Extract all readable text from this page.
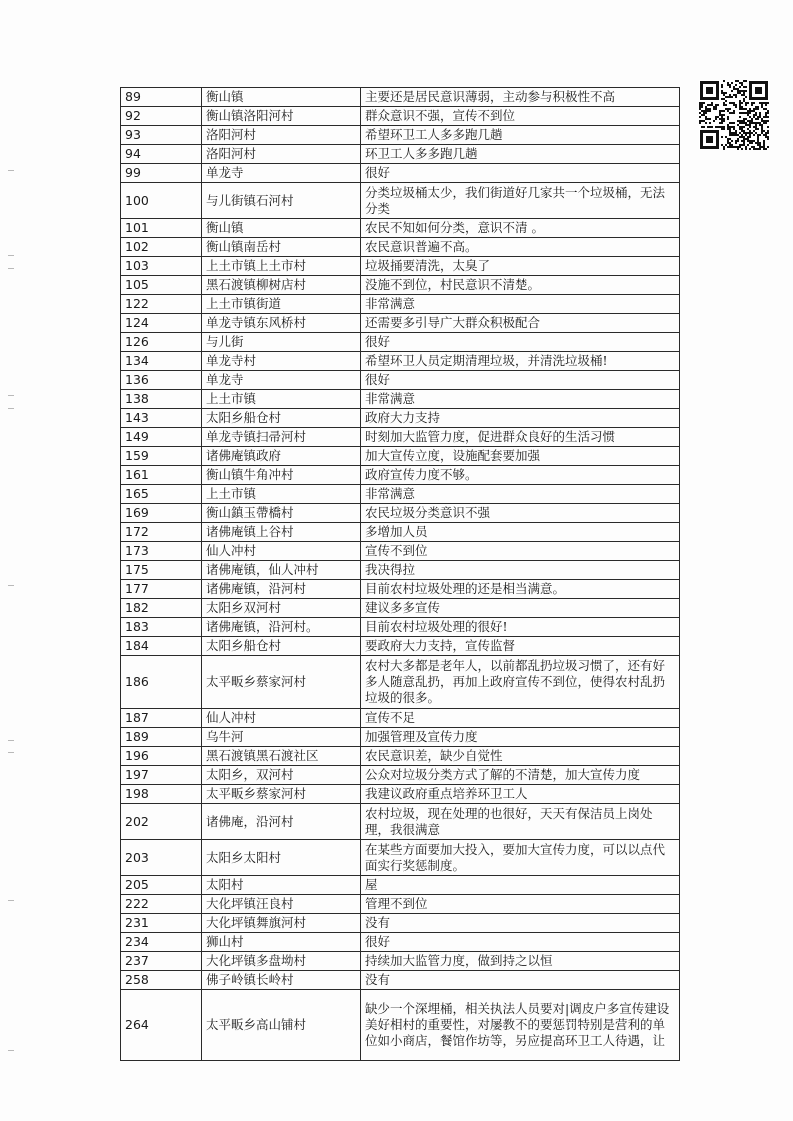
89	衡山镇	主要还是居民意识薄弱，主动参与积极性不高
92	衡山镇洛阳河村	群众意识不强，宣传不到位
93	洛阳河村	希望环卫工人多多跑几趟
94	洛阳河村	环卫工人多多跑几趟
99	单龙寺	很好
100	与儿街镇石河村	分类垃圾桶太少，我们街道好几家共一个垃圾桶，无法分类
101	衡山镇	农民不知如何分类，意识不清 。
102	衡山镇南岳村	农民意识普遍不高。
103	上土市镇上土市村	垃圾捅要清洗，太臭了
105	黑石渡镇柳树店村	没施不到位，村民意识不清楚。
122	上土市镇街道	非常满意
124	单龙寺镇东风桥村	还需要多引导广大群众积极配合
126	与儿街	很好
134	单龙寺村	希望环卫人员定期清理垃圾，并清洗垃圾桶!
136	单龙寺	很好
138	上土市镇	非常满意
143	太阳乡船仓村	政府大力支持
149	单龙寺镇扫帚河村	时刻加大监管力度，促进群众良好的生活习惯
159	诸佛庵镇政府	加大宣传立度，设施配套要加强
161	衡山镇牛角冲村	政府宣传力度不够。
165	上土市镇	非常满意
169	衡山鎮玉帶橋村	农民垃圾分类意识不强
172	诸佛庵镇上谷村	多增加人员
173	仙人冲村	宣传不到位
175	诸佛庵镇，仙人冲村	我决得拉
177	诸佛庵镇，沿河村	目前农村垃圾处理的还是相当满意。
182	太阳乡双河村	建议多多宣传
183	诸佛庵镇，沿河村。	目前农村垃圾处理的很好!
184	太阳乡船仓村	要政府大力支持，宣传监督
186	太平畈乡蔡家河村	农村大多都是老年人，以前都乱扔垃圾习惯了，还有好多人随意乱扔，再加上政府宣传不到位，使得农村乱扔垃圾的很多。
187	仙人冲村	宣传不足
189	乌牛河	加强管理及宣传力度
196	黑石渡镇黑石渡社区	农民意识差，缺少自觉性
197	太阳乡，双河村	公众对垃圾分类方式了解的不清楚，加大宣传力度
198	太平畈乡蔡家河村	我建议政府重点培养环卫工人
202	诸佛庵，沿河村	农村垃圾，现在处理的也很好，天天有保洁员上岗处理，我很满意
203	太阳乡太阳村	在某些方面要加大投入，要加大宣传力度，可以以点代面实行奖惩制度。
205	太阳村	屋
222	大化坪镇汪良村	管理不到位
231	大化坪镇舞旗河村	没有
234	狮山村	很好
237	大化坪镇多盘坳村	持续加大监管力度，做到持之以恒
258	佛子岭镇长岭村	没有
264	太平畈乡高山铺村	缺少一个深埋桶，相关执法人员要对|调皮户多宣传建设美好相村的重要性，对屡教不的要惩罚特别是营利的单位如小商店，餐馆作坊等，另应提高环卫工人待遇，让
